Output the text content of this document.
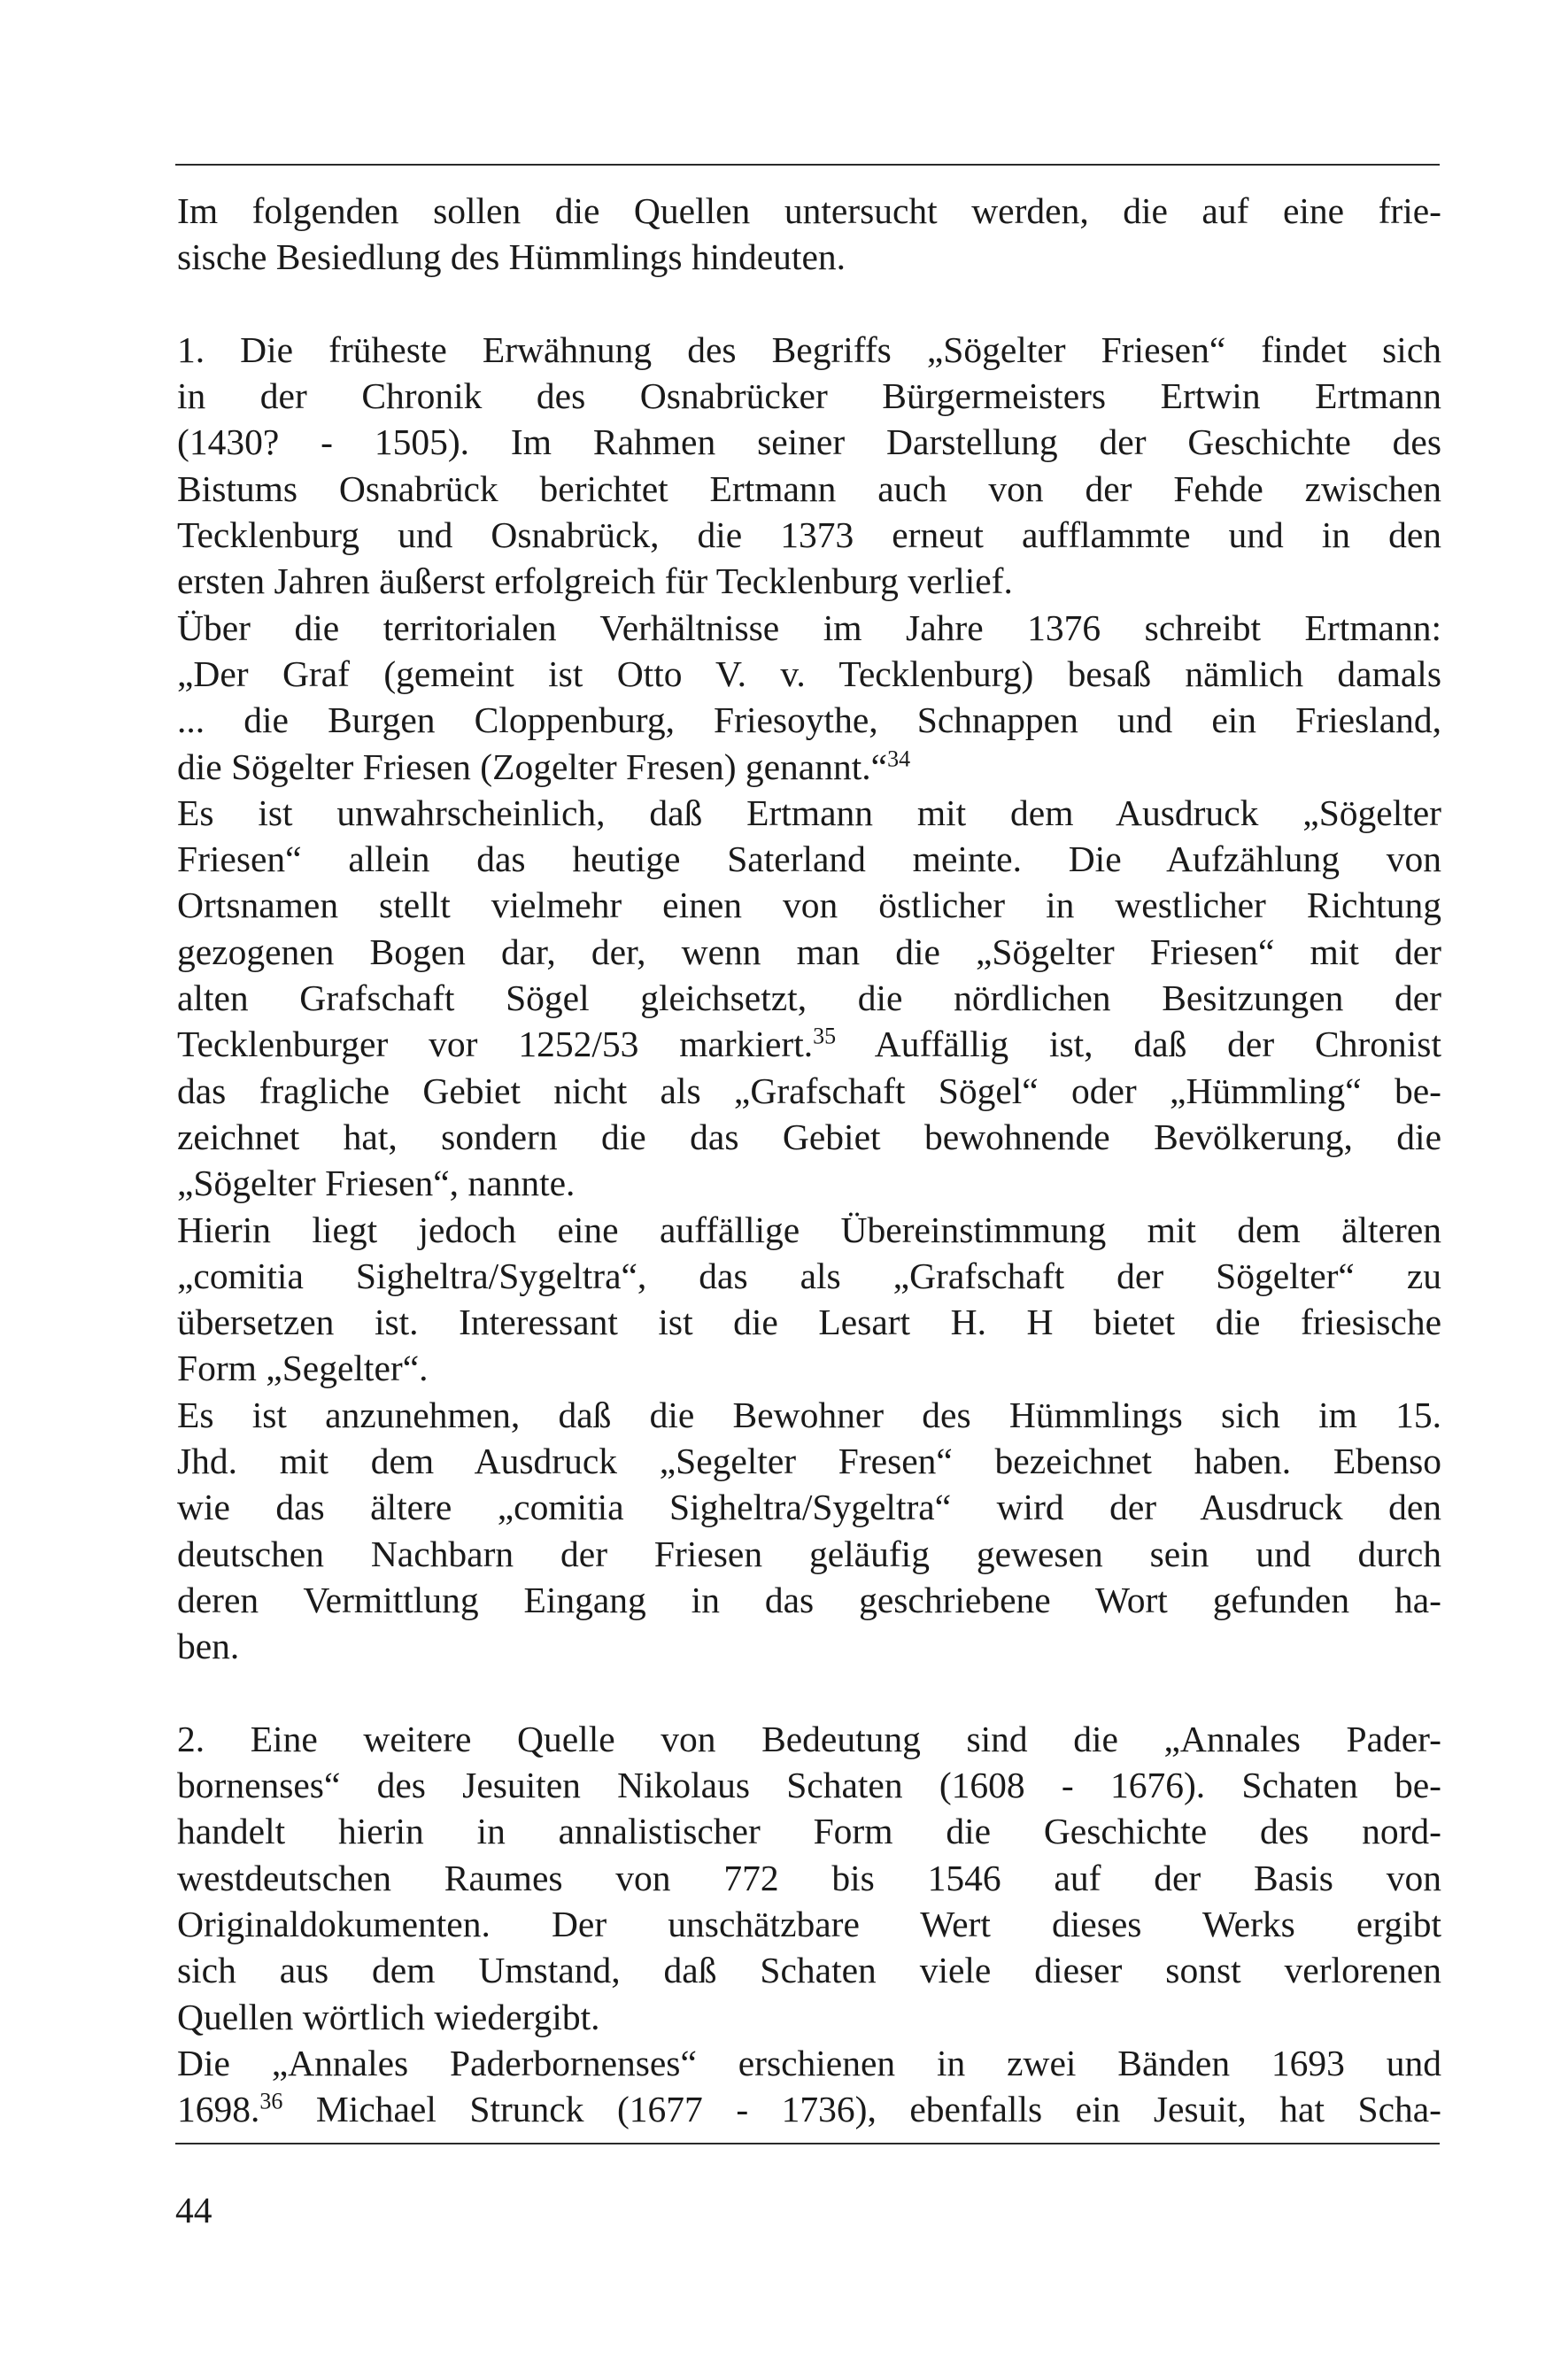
Im folgenden sollen die Quellen untersucht werden, die auf eine frie-
sische Besiedlung des Hümmlings hindeuten.
1. Die früheste Erwähnung des Begriffs „Sögelter Friesen“ findet sich
in der Chronik des Osnabrücker Bürgermeisters Ertwin Ertmann
(1430? - 1505). Im Rahmen seiner Darstellung der Geschichte des
Bistums Osnabrück berichtet Ertmann auch von der Fehde zwischen
Tecklenburg und Osnabrück, die 1373 erneut aufflammte und in den
ersten Jahren äußerst erfolgreich für Tecklenburg verlief.
Über die territorialen Verhältnisse im Jahre 1376 schreibt Ertmann:
„Der Graf (gemeint ist Otto V. v. Tecklenburg) besaß nämlich damals
... die Burgen Cloppenburg, Friesoythe, Schnappen und ein Friesland,
die Sögelter Friesen (Zogelter Fresen) genannt.“$^{34}$
Es ist unwahrscheinlich, daß Ertmann mit dem Ausdruck „Sögelter
Friesen“ allein das heutige Saterland meinte. Die Aufzählung von
Ortsnamen stellt vielmehr einen von östlicher in westlicher Richtung
gezogenen Bogen dar, der, wenn man die „Sögelter Friesen“ mit der
alten Grafschaft Sögel gleichsetzt, die nördlichen Besitzungen der
Tecklenburger vor 1252/53 markiert.$^{35}$ Auffällig ist, daß der Chronist
das fragliche Gebiet nicht als „Grafschaft Sögel“ oder „Hümmling“ be-
zeichnet hat, sondern die das Gebiet bewohnende Bevölkerung, die
„Sögelter Friesen“, nannte.
Hierin liegt jedoch eine auffällige Übereinstimmung mit dem älteren
„comitia Sigheltra/Sygeltra“, das als „Grafschaft der Sögelter“ zu
übersetzen ist. Interessant ist die Lesart H. H bietet die friesische
Form „Segelter“.
Es ist anzunehmen, daß die Bewohner des Hümmlings sich im 15.
Jhd. mit dem Ausdruck „Segelter Fresen“ bezeichnet haben. Ebenso
wie das ältere „comitia Sigheltra/Sygeltra“ wird der Ausdruck den
deutschen Nachbarn der Friesen geläufig gewesen sein und durch
deren Vermittlung Eingang in das geschriebene Wort gefunden ha-
ben.
2. Eine weitere Quelle von Bedeutung sind die „Annales Pader-
bornenses“ des Jesuiten Nikolaus Schaten (1608 - 1676). Schaten be-
handelt hierin in annalistischer Form die Geschichte des nord-
westdeutschen Raumes von 772 bis 1546 auf der Basis von
Originaldokumenten. Der unschätzbare Wert dieses Werks ergibt
sich aus dem Umstand, daß Schaten viele dieser sonst verlorenen
Quellen wörtlich wiedergibt.
Die „Annales Paderbornenses“ erschienen in zwei Bänden 1693 und
1698.36 Michael Strunck (1677 - 1736), ebenfalls ein Jesuit, hat Scha-
44
